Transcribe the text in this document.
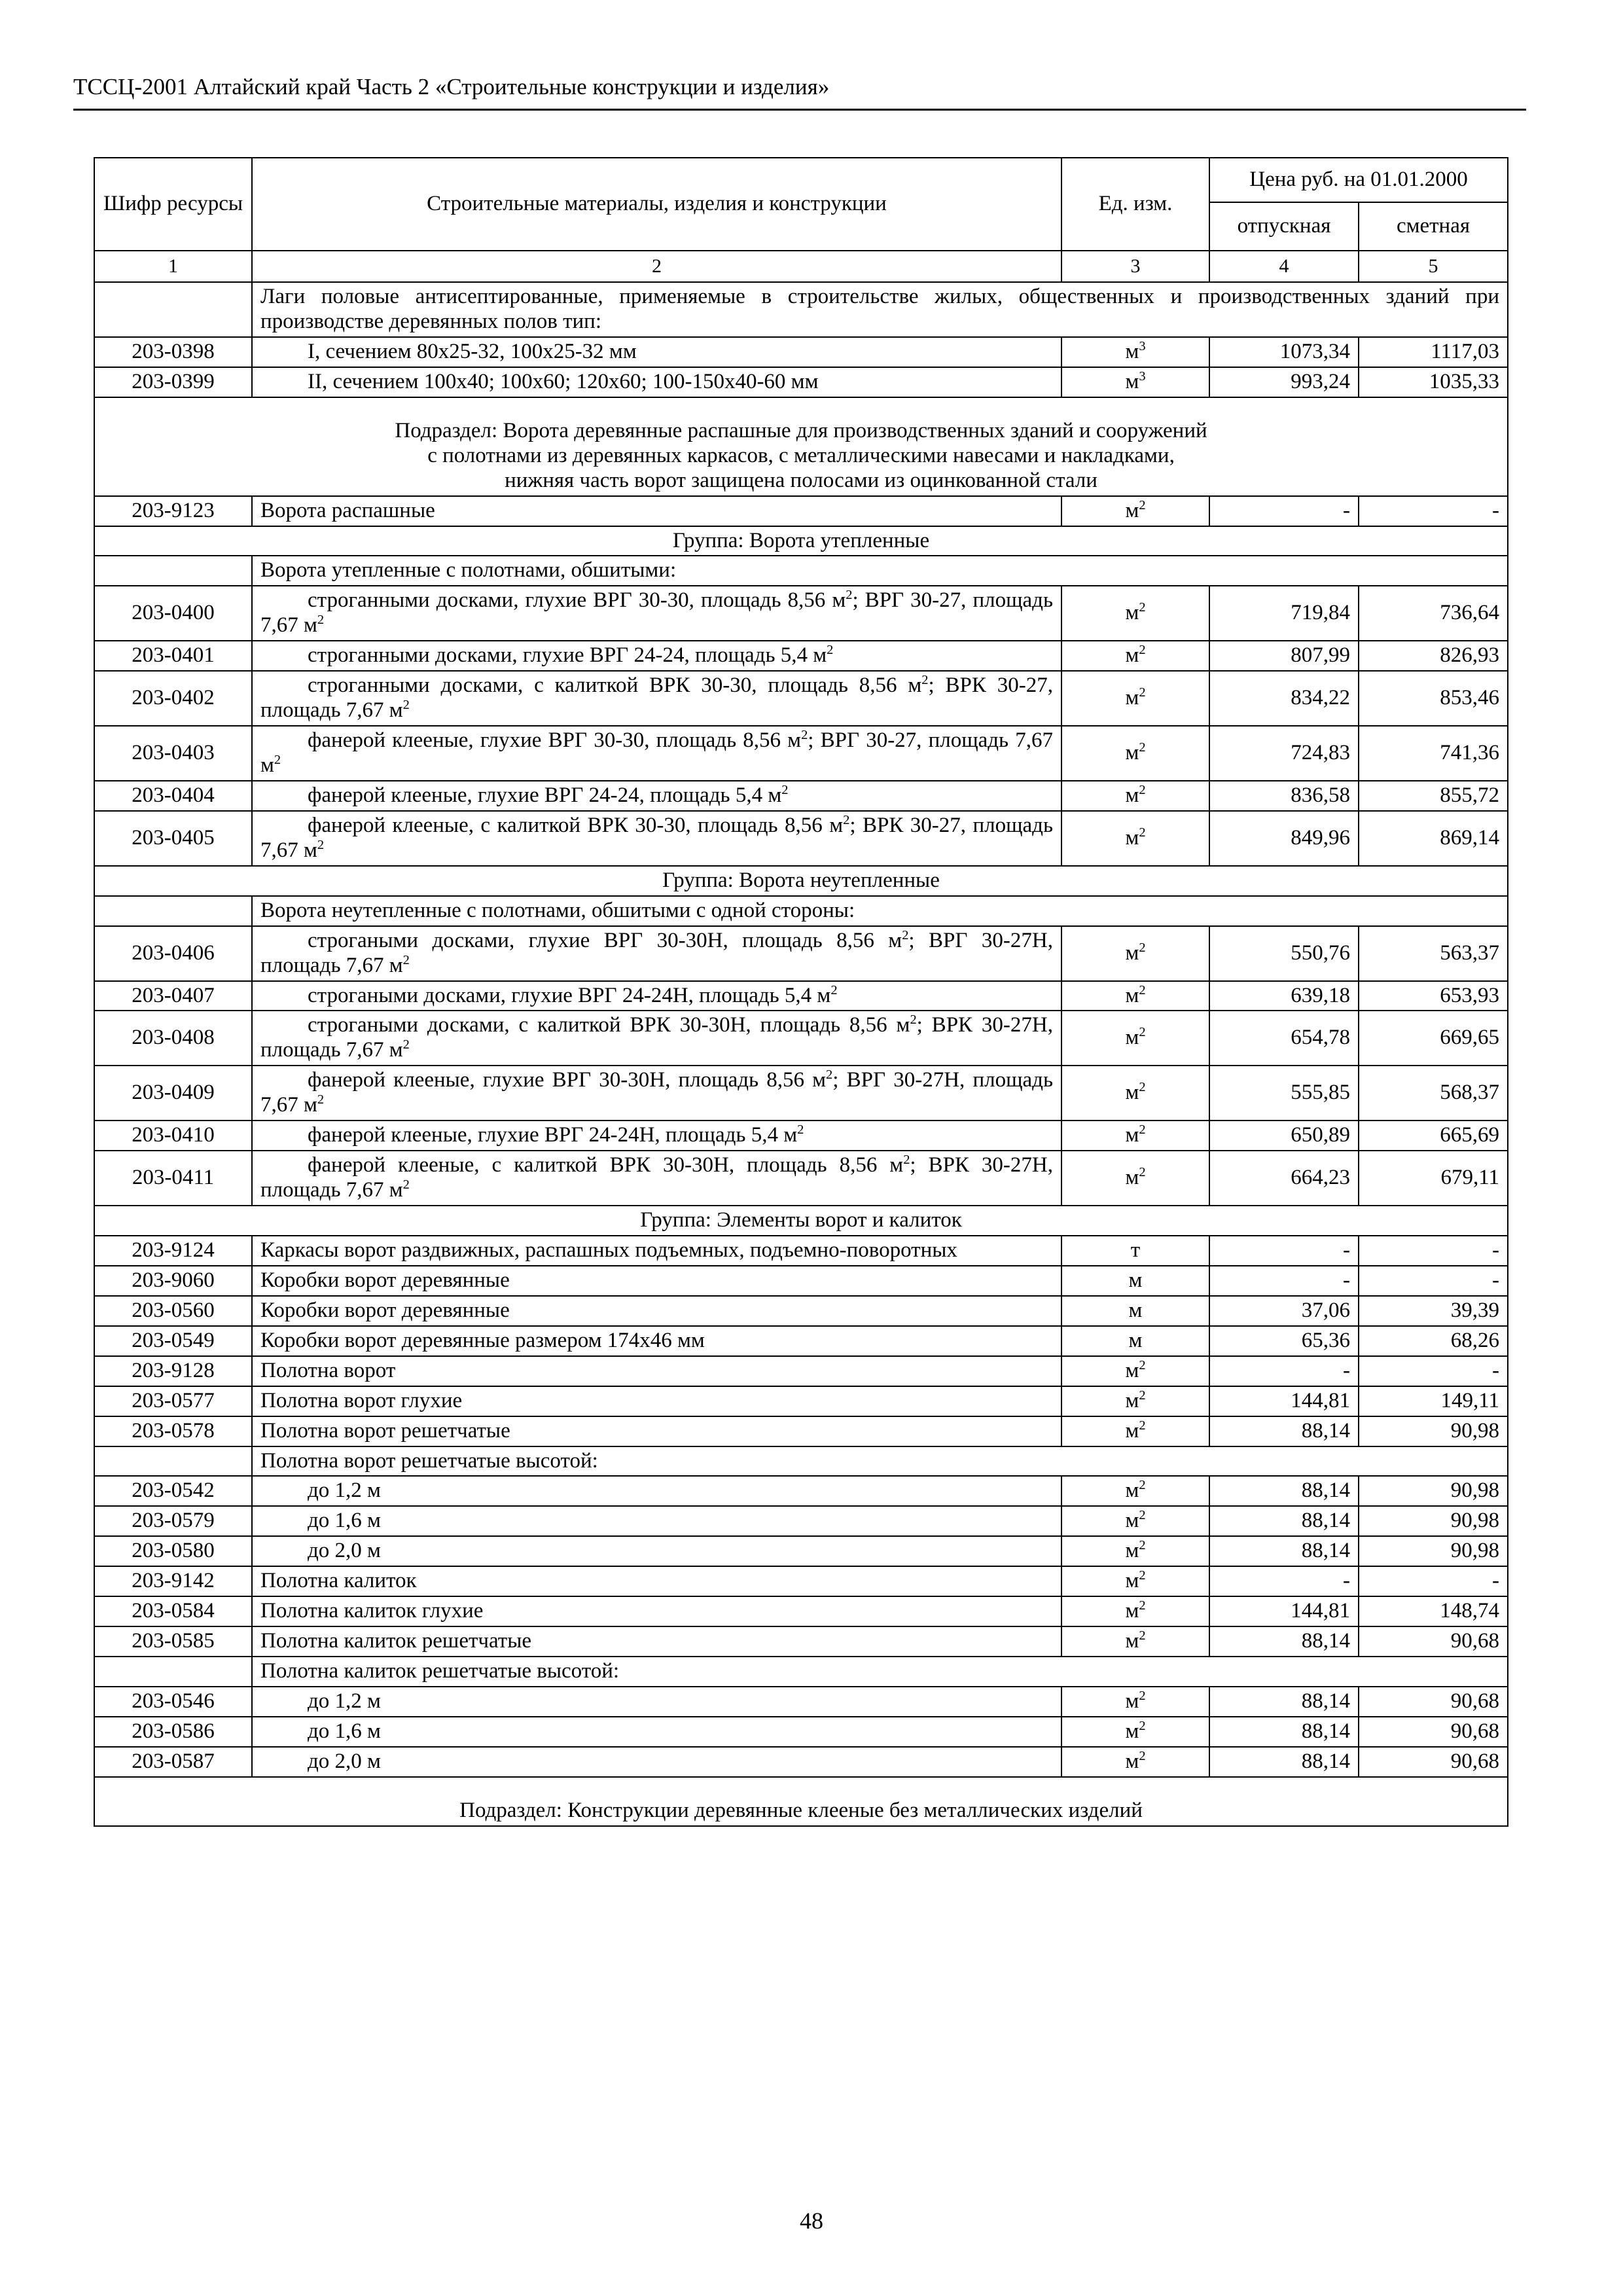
ТССЦ-2001 Алтайский край Часть 2 «Строительные конструкции и изделия»
Шифр ресурсы	Строительные материалы, изделия и конструкции	Ед. изм.	Цена руб. на 01.01.2000	
			отпускная	сметная
1	2	3	4	5
	Лаги половые антисептированные, применяемые в строительстве жилых, общественных и производственных зданий при производстве деревянных полов тип:			
203-0398	I, сечением 80х25-32, 100х25-32 мм	$м^3$	1073,34	1117,03
203-0399	II, сечением 100х40; 100х60; 120х60; 100-150х40-60 мм	$м^3$	993,24	1035,33

Подраздел: Ворота деревянные распашные для производственных зданий и сооружений
с полотнами из деревянных каркасов, с металлическими навесами и накладками,
нижняя часть ворот защищена полосами из оцинкованной стали				

203-9123	Ворота распашные	$м^2$	-	-
Группа: Ворота утепленные				
	Ворота утепленные с полотнами, обшитыми:			
203-0400	строганными досками, глухие ВРГ 30-30, площадь 8,56 $м^2$; ВРГ 30-27, площадь 7,67 $м^2$	$м^2$	719,84	736,64
203-0401	строганными досками, глухие ВРГ 24-24, площадь 5,4 $м^2$	$м^2$	807,99	826,93
203-0402	строганными досками, с калиткой ВРК 30-30, площадь 8,56 $м^2$; ВРК 30-27, площадь 7,67 $м^2$	$м^2$	834,22	853,46
203-0403	фанерой клееные, глухие ВРГ 30-30, площадь 8,56 $м^2$; ВРГ 30-27, площадь 7,67 $м^2$	$м^2$	724,83	741,36
203-0404	фанерой клееные, глухие ВРГ 24-24, площадь 5,4 $м^2$	$м^2$	836,58	855,72
203-0405	фанерой клееные, с калиткой ВРК 30-30, площадь 8,56 $м^2$; ВРК 30-27, площадь 7,67 $м^2$	$м^2$	849,96	869,14
Группа: Ворота неутепленные				
	Ворота неутепленные с полотнами, обшитыми с одной стороны:			
203-0406	строгаными досками, глухие ВРГ 30-30Н, площадь 8,56 $м^2$; ВРГ 30-27Н, площадь 7,67 $м^2$	$м^2$	550,76	563,37
203-0407	строгаными досками, глухие ВРГ 24-24Н, площадь 5,4 $м^2$	$м^2$	639,18	653,93
203-0408	строгаными досками, с калиткой ВРК 30-30Н, площадь 8,56 $м^2$; ВРК 30-27Н, площадь 7,67 $м^2$	$м^2$	654,78	669,65
203-0409	фанерой клееные, глухие ВРГ 30-30Н, площадь 8,56 $м^2$; ВРГ 30-27Н, площадь 7,67 $м^2$	$м^2$	555,85	568,37
203-0410	фанерой клееные, глухие ВРГ 24-24Н, площадь 5,4 $м^2$	$м^2$	650,89	665,69
203-0411	фанерой клееные, с калиткой ВРК 30-30Н, площадь 8,56 $м^2$; ВРК 30-27Н, площадь 7,67 $м^2$	$м^2$	664,23	679,11
Группа: Элементы ворот и калиток				
203-9124	Каркасы ворот раздвижных, распашных подъемных, подъемно-поворотных	т	-	-
203-9060	Коробки ворот деревянные	м	-	-
203-0560	Коробки ворот деревянные	м	37,06	39,39
203-0549	Коробки ворот деревянные размером 174х46 мм	м	65,36	68,26
203-9128	Полотна ворот	$м^2$	-	-
203-0577	Полотна ворот глухие	$м^2$	144,81	149,11
203-0578	Полотна ворот решетчатые	$м^2$	88,14	90,98
	Полотна ворот решетчатые высотой:			
203-0542	до 1,2 м	$м^2$	88,14	90,98
203-0579	до 1,6 м	$м^2$	88,14	90,98
203-0580	до 2,0 м	$м^2$	88,14	90,98
203-9142	Полотна калиток	$м^2$	-	-
203-0584	Полотна калиток глухие	$м^2$	144,81	148,74
203-0585	Полотна калиток решетчатые	$м^2$	88,14	90,68
	Полотна калиток решетчатые высотой:			
203-0546	до 1,2 м	$м^2$	88,14	90,68
203-0586	до 1,6 м	$м^2$	88,14	90,68
203-0587	до 2,0 м	$м^2$	88,14	90,68

Подраздел: Конструкции деревянные клееные без металлических изделий				
48
